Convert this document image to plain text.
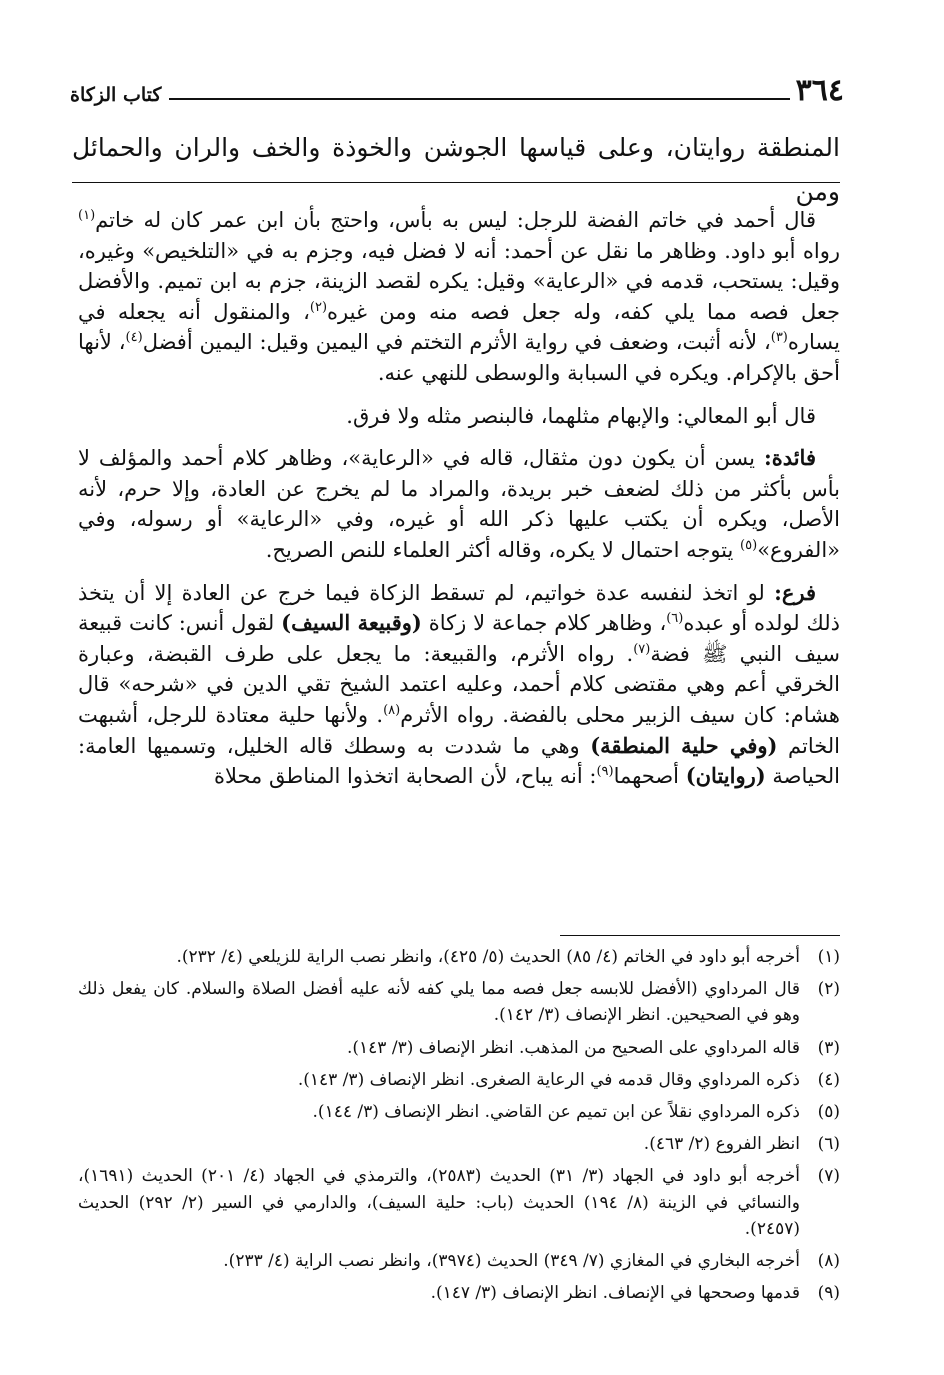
٣٦٤
كتاب الزكاة
المنطقة روايتان، وعلى قياسها الجوشن والخوذة والخف والران والحمائل ومن

قال أحمد في خاتم الفضة للرجل: ليس به بأس، واحتج بأن ابن عمر كان له خاتم$^{(١)}$ رواه أبو داود. وظاهر ما نقل عن أحمد: أنه لا فضل فيه، وجزم به في «التلخيص» وغيره، وقيل: يستحب، قدمه في «الرعاية» وقيل: يكره لقصد الزينة، جزم به ابن تميم. والأفضل جعل فصه مما يلي كفه، وله جعل فصه منه ومن غيره$^{(٢)}$، والمنقول أنه يجعله في يساره$^{(٣)}$، لأنه أثبت، وضعف في رواية الأثرم التختم في اليمين وقيل: اليمين أفضل$^{(٤)}$، لأنها أحق بالإكرام. ويكره في السبابة والوسطى للنهي عنه.

قال أبو المعالي: والإبهام مثلهما، فالبنصر مثله ولا فرق.

فائدة: يسن أن يكون دون مثقال، قاله في «الرعاية»، وظاهر كلام أحمد والمؤلف لا بأس بأكثر من ذلك لضعف خبر بريدة، والمراد ما لم يخرج عن العادة، وإلا حرم، لأنه الأصل، ويكره أن يكتب عليها ذكر الله أو غيره، وفي «الرعاية» أو رسوله، وفي «الفروع»$^{(٥)}$ يتوجه احتمال لا يكره، وقاله أكثر العلماء للنص الصريح.

فرع: لو اتخذ لنفسه عدة خواتيم، لم تسقط الزكاة فيما خرج عن العادة إلا أن يتخذ ذلك لولده أو عبده$^{(٦)}$، وظاهر كلام جماعة لا زكاة (وقبيعة السيف) لقول أنس: كانت قبيعة سيف النبي ﷺ فضة$^{(٧)}$. رواه الأثرم، والقبيعة: ما يجعل على طرف القبضة، وعبارة الخرقي أعم وهي مقتضى كلام أحمد، وعليه اعتمد الشيخ تقي الدين في «شرحه» قال هشام: كان سيف الزبير محلى بالفضة. رواه الأثرم$^{(٨)}$. ولأنها حلية معتادة للرجل، أشبهت الخاتم (وفي حلية المنطقة) وهي ما شددت به وسطك قاله الخليل، وتسميها العامة: الحياصة (روايتان) أصحهما$^{(٩)}$: أنه يباح، لأن الصحابة اتخذوا المناطق محلاة

(١)
أخرجه أبو داود في الخاتم (٤/ ٨٥) الحديث (٥/ ٤٢٥)، وانظر نصب الراية للزيلعي (٤/ ٢٣٢).
(٢)
قال المرداوي (الأفضل للابسه جعل فصه مما يلي كفه لأنه عليه أفضل الصلاة والسلام. كان يفعل ذلك وهو في الصحيحين. انظر الإنصاف (٣/ ١٤٢).
(٣)
قاله المرداوي على الصحيح من المذهب. انظر الإنصاف (٣/ ١٤٣).
(٤)
ذكره المرداوي وقال قدمه في الرعاية الصغرى. انظر الإنصاف (٣/ ١٤٣).
(٥)
ذكره المرداوي نقلاً عن ابن تميم عن القاضي. انظر الإنصاف (٣/ ١٤٤).
(٦)
انظر الفروع (٢/ ٤٦٣).
(٧)
أخرجه أبو داود في الجهاد (٣/ ٣١) الحديث (٢٥٨٣)، والترمذي في الجهاد (٤/ ٢٠١) الحديث (١٦٩١)، والنسائي في الزينة (٨/ ١٩٤) الحديث (باب: حلية السيف)، والدارمي في السير (٢/ ٢٩٢) الحديث (٢٤٥٧).
(٨)
أخرجه البخاري في المغازي (٧/ ٣٤٩) الحديث (٣٩٧٤)، وانظر نصب الراية (٤/ ٢٣٣).
(٩)
قدمها وصححها في الإنصاف. انظر الإنصاف (٣/ ١٤٧).
